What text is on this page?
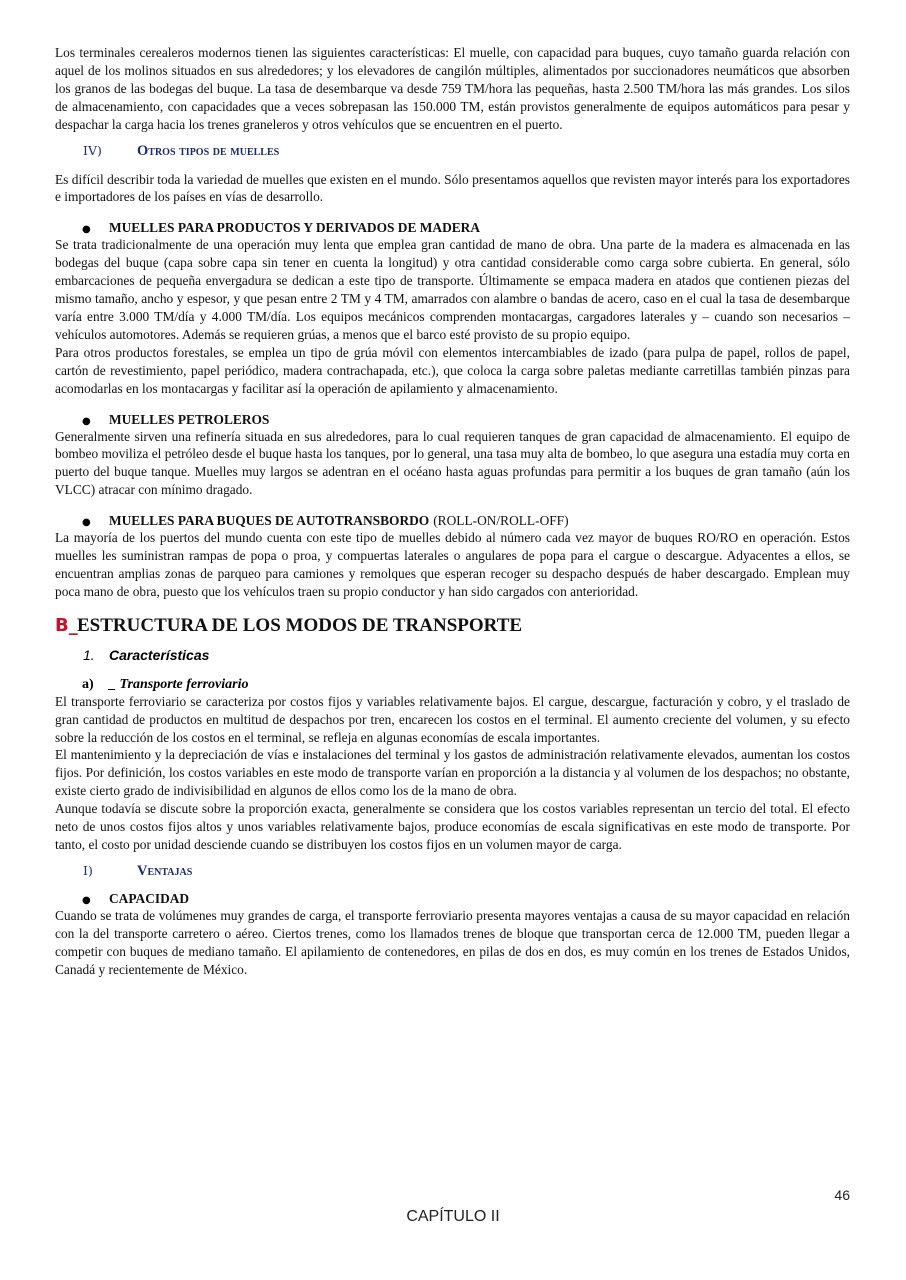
Los terminales cerealeros modernos tienen las siguientes características: El muelle, con capacidad para buques, cuyo tamaño guarda relación con aquel de los molinos situados en sus alrededores; y los elevadores de cangilón múltiples, alimentados por succionadores neumáticos que absorben los granos de las bodegas del buque. La tasa de desembarque va desde 759 TM/hora las pequeñas, hasta 2.500 TM/hora las más grandes. Los silos de almacenamiento, con capacidades que a veces sobrepasan las 150.000 TM, están provistos generalmente de equipos automáticos para pesar y despachar la carga hacia los trenes graneleros y otros vehículos que se encuentren en el puerto.

IV)	Otros tipos de muelles

Es difícil describir toda la variedad de muelles que existen en el mundo. Sólo presentamos aquellos que revisten mayor interés para los exportadores e importadores de los países en vías de desarrollo.

●	MUELLES PARA PRODUCTOS Y DERIVADOS DE MADERA

Se trata tradicionalmente de una operación muy lenta que emplea gran cantidad de mano de obra. Una parte de la madera es almacenada en las bodegas del buque (capa sobre capa sin tener en cuenta la longitud) y otra cantidad considerable como carga sobre cubierta. En general, sólo embarcaciones de pequeña envergadura se dedican a este tipo de transporte. Últimamente se empaca madera en atados que contienen piezas del mismo tamaño, ancho y espesor, y que pesan entre 2 TM y 4 TM, amarrados con alambre o bandas de acero, caso en el cual la tasa de desembarque varía entre 3.000 TM/día y 4.000 TM/día. Los equipos mecánicos comprenden montacargas, cargadores laterales y – cuando son necesarios – vehículos automotores. Además se requieren grúas, a menos que el barco esté provisto de su propio equipo.

Para otros productos forestales, se emplea un tipo de grúa móvil con elementos intercambiables de izado (para pulpa de papel, rollos de papel, cartón de revestimiento, papel periódico, madera contrachapada, etc.), que coloca la carga sobre paletas mediante carretillas también pinzas para acomodarlas en los montacargas y facilitar así la operación de apilamiento y almacenamiento.

●	MUELLES PETROLEROS

Generalmente sirven una refinería situada en sus alrededores, para lo cual requieren tanques de gran capacidad de almacenamiento. El equipo de bombeo moviliza el petróleo desde el buque hasta los tanques, por lo general, una tasa muy alta de bombeo, lo que asegura una estadía muy corta en puerto del buque tanque. Muelles muy largos se adentran en el océano hasta aguas profundas para permitir a los buques de gran tamaño (aún los VLCC) atracar con mínimo dragado.

●	MUELLES PARA BUQUES DE AUTOTRANSBORDO (ROLL-ON/ROLL-OFF)

La mayoría de los puertos del mundo cuenta con este tipo de muelles debido al número cada vez mayor de buques RO/RO en operación. Estos muelles les suministran rampas de popa o proa, y compuertas laterales o angulares de popa para el cargue o descargue. Adyacentes a ellos, se encuentran amplias zonas de parqueo para camiones y remolques que esperan recoger su despacho después de haber descargado. Emplean muy poca mano de obra, puesto que los vehículos traen su propio conductor y han sido cargados con anterioridad.

B_ ESTRUCTURA DE LOS MODOS DE TRANSPORTE
1.	Características
a)	_ Transporte ferroviario

El transporte ferroviario se caracteriza por costos fijos y variables relativamente bajos. El cargue, descargue, facturación y cobro, y el traslado de gran cantidad de productos en multitud de despachos por tren, encarecen los costos en el terminal. El aumento creciente del volumen, y su efecto sobre la reducción de los costos en el terminal, se refleja en algunas economías de escala importantes.

El mantenimiento y la depreciación de vías e instalaciones del terminal y los gastos de administración relativamente elevados, aumentan los costos fijos. Por definición, los costos variables en este modo de transporte varían en proporción a la distancia y al volumen de los despachos; no obstante, existe cierto grado de indivisibilidad en algunos de ellos como los de la mano de obra.

Aunque todavía se discute sobre la proporción exacta, generalmente se considera que los costos variables representan un tercio del total. El efecto neto de unos costos fijos altos y unos variables relativamente bajos, produce economías de escala significativas en este modo de transporte. Por tanto, el costo por unidad desciende cuando se distribuyen los costos fijos en un volumen mayor de carga.

I)	Ventajas
●	CAPACIDAD

Cuando se trata de volúmenes muy grandes de carga, el transporte ferroviario presenta mayores ventajas a causa de su mayor capacidad en relación con la del transporte carretero o aéreo. Ciertos trenes, como los llamados trenes de bloque que transportan cerca de 12.000 TM, pueden llegar a competir con buques de mediano tamaño. El apilamiento de contenedores, en pilas de dos en dos, es muy común en los trenes de Estados Unidos, Canadá y recientemente de México.

46
CAPÍTULO II
